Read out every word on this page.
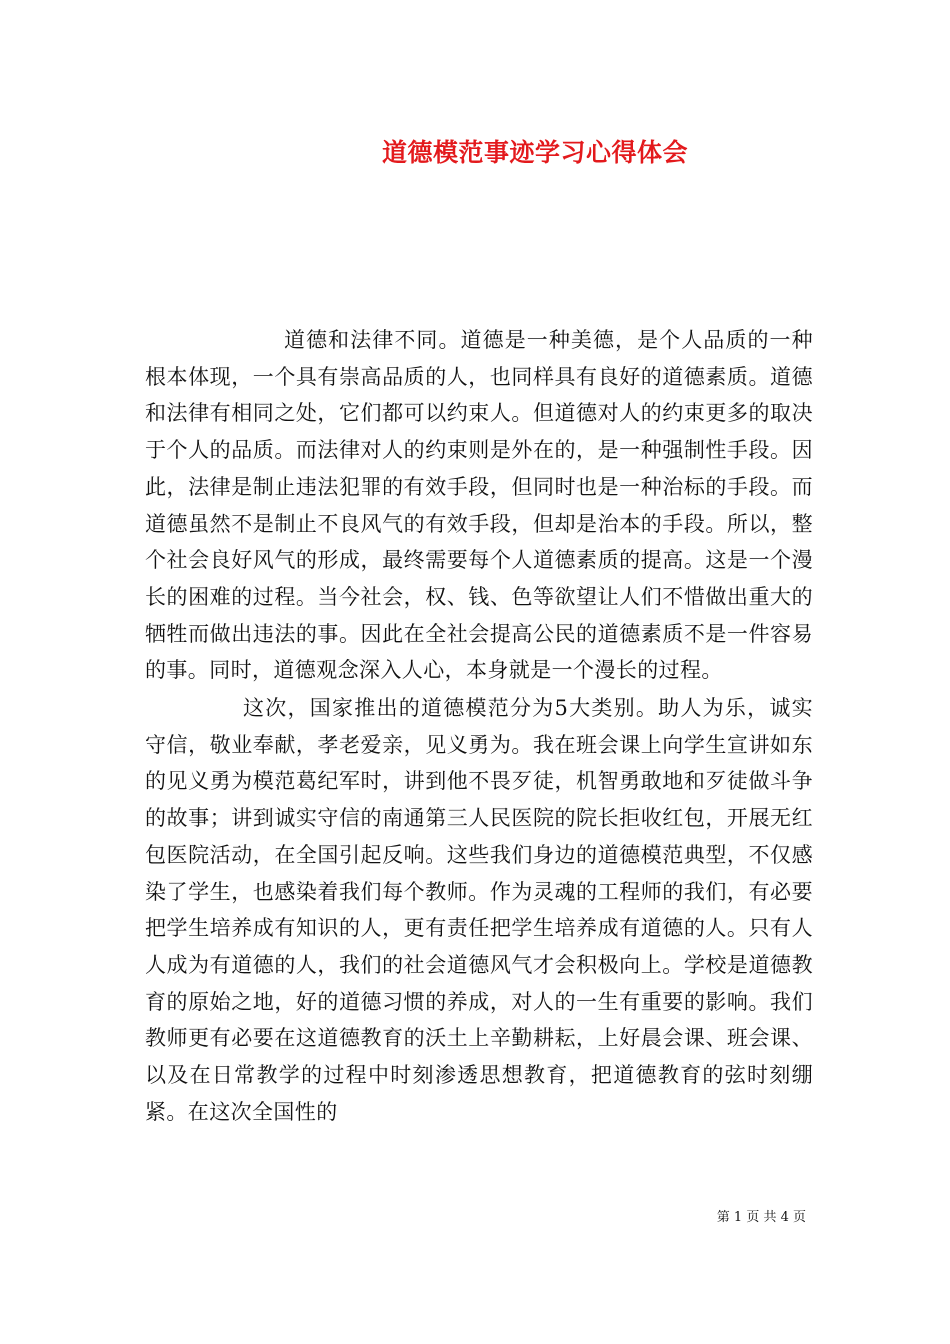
道德模范事迹学习心得体会

道德和法律不同。道德是一种美德，是个人品质的一种根本体现，一个具有崇高品质的人，也同样具有良好的道德素质。道德和法律有相同之处，它们都可以约束人。但道德对人的约束更多的取决于个人的品质。而法律对人的约束则是外在的，是一种强制性手段。因此，法律是制止违法犯罪的有效手段，但同时也是一种治标的手段。而道德虽然不是制止不良风气的有效手段，但却是治本的手段。所以，整个社会良好风气的形成，最终需要每个人道德素质的提高。这是一个漫长的困难的过程。当今社会，权、钱、色等欲望让人们不惜做出重大的牺牲而做出违法的事。因此在全社会提高公民的道德素质不是一件容易的事。同时，道德观念深入人心，本身就是一个漫长的过程。

这次，国家推出的道德模范分为5大类别。助人为乐，诚实守信，敬业奉献，孝老爱亲，见义勇为。我在班会课上向学生宣讲如东的见义勇为模范葛纪军时，讲到他不畏歹徒，机智勇敢地和歹徒做斗争的故事；讲到诚实守信的南通第三人民医院的院长拒收红包，开展无红包医院活动，在全国引起反响。这些我们身边的道德模范典型，不仅感染了学生，也感染着我们每个教师。作为灵魂的工程师的我们，有必要把学生培养成有知识的人，更有责任把学生培养成有道德的人。只有人人成为有道德的人，我们的社会道德风气才会积极向上。学校是道德教育的原始之地，好的道德习惯的养成，对人的一生有重要的影响。我们教师更有必要在这道德教育的沃土上辛勤耕耘，上好晨会课、班会课、以及在日常教学的过程中时刻渗透思想教育，把道德教育的弦时刻绷紧。在这次全国性的

第 1 页 共 4 页
